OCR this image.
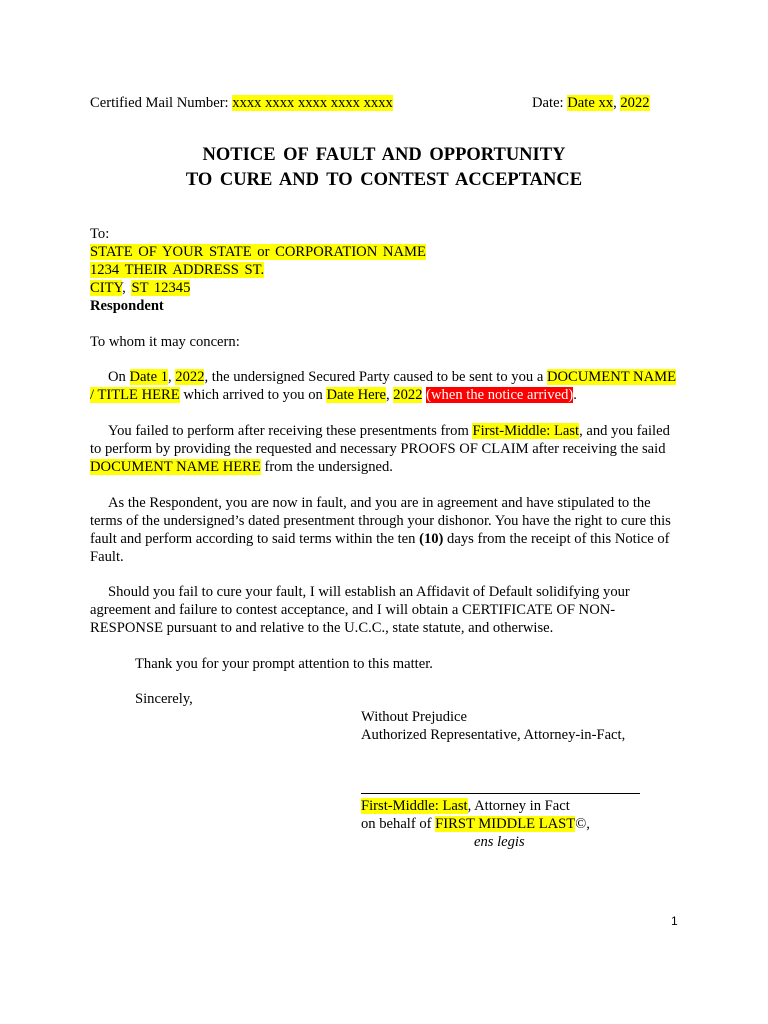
Certified Mail Number: xxxx xxxx xxxx xxxx xxxx	Date: Date xx, 2022
NOTICE OF FAULT AND OPPORTUNITY
TO CURE AND TO CONTEST ACCEPTANCE
To:
STATE OF YOUR STATE or CORPORATION NAME
1234 THEIR ADDRESS ST.
CITY, ST 12345
Respondent
To whom it may concern:

On Date 1, 2022, the undersigned Secured Party caused to be sent to you a DOCUMENT NAME / TITLE HERE which arrived to you on Date Here, 2022 (when the notice arrived).

You failed to perform after receiving these presentments from First-Middle: Last, and you failed to perform by providing the requested and necessary PROOFS OF CLAIM after receiving the said DOCUMENT NAME HERE from the undersigned.

As the Respondent, you are now in fault, and you are in agreement and have stipulated to the terms of the undersigned’s dated presentment through your dishonor. You have the right to cure this fault and perform according to said terms within the ten (10) days from the receipt of this Notice of Fault.

Should you fail to cure your fault, I will establish an Affidavit of Default solidifying your agreement and failure to contest acceptance, and I will obtain a CERTIFICATE OF NON-RESPONSE pursuant to and relative to the U.C.C., state statute, and otherwise.

Thank you for your prompt attention to this matter.
Sincerely,
Without Prejudice
Authorized Representative, Attorney-in-Fact,
First-Middle: Last, Attorney in Fact
on behalf of FIRST MIDDLE LAST©,
ens legis
1
